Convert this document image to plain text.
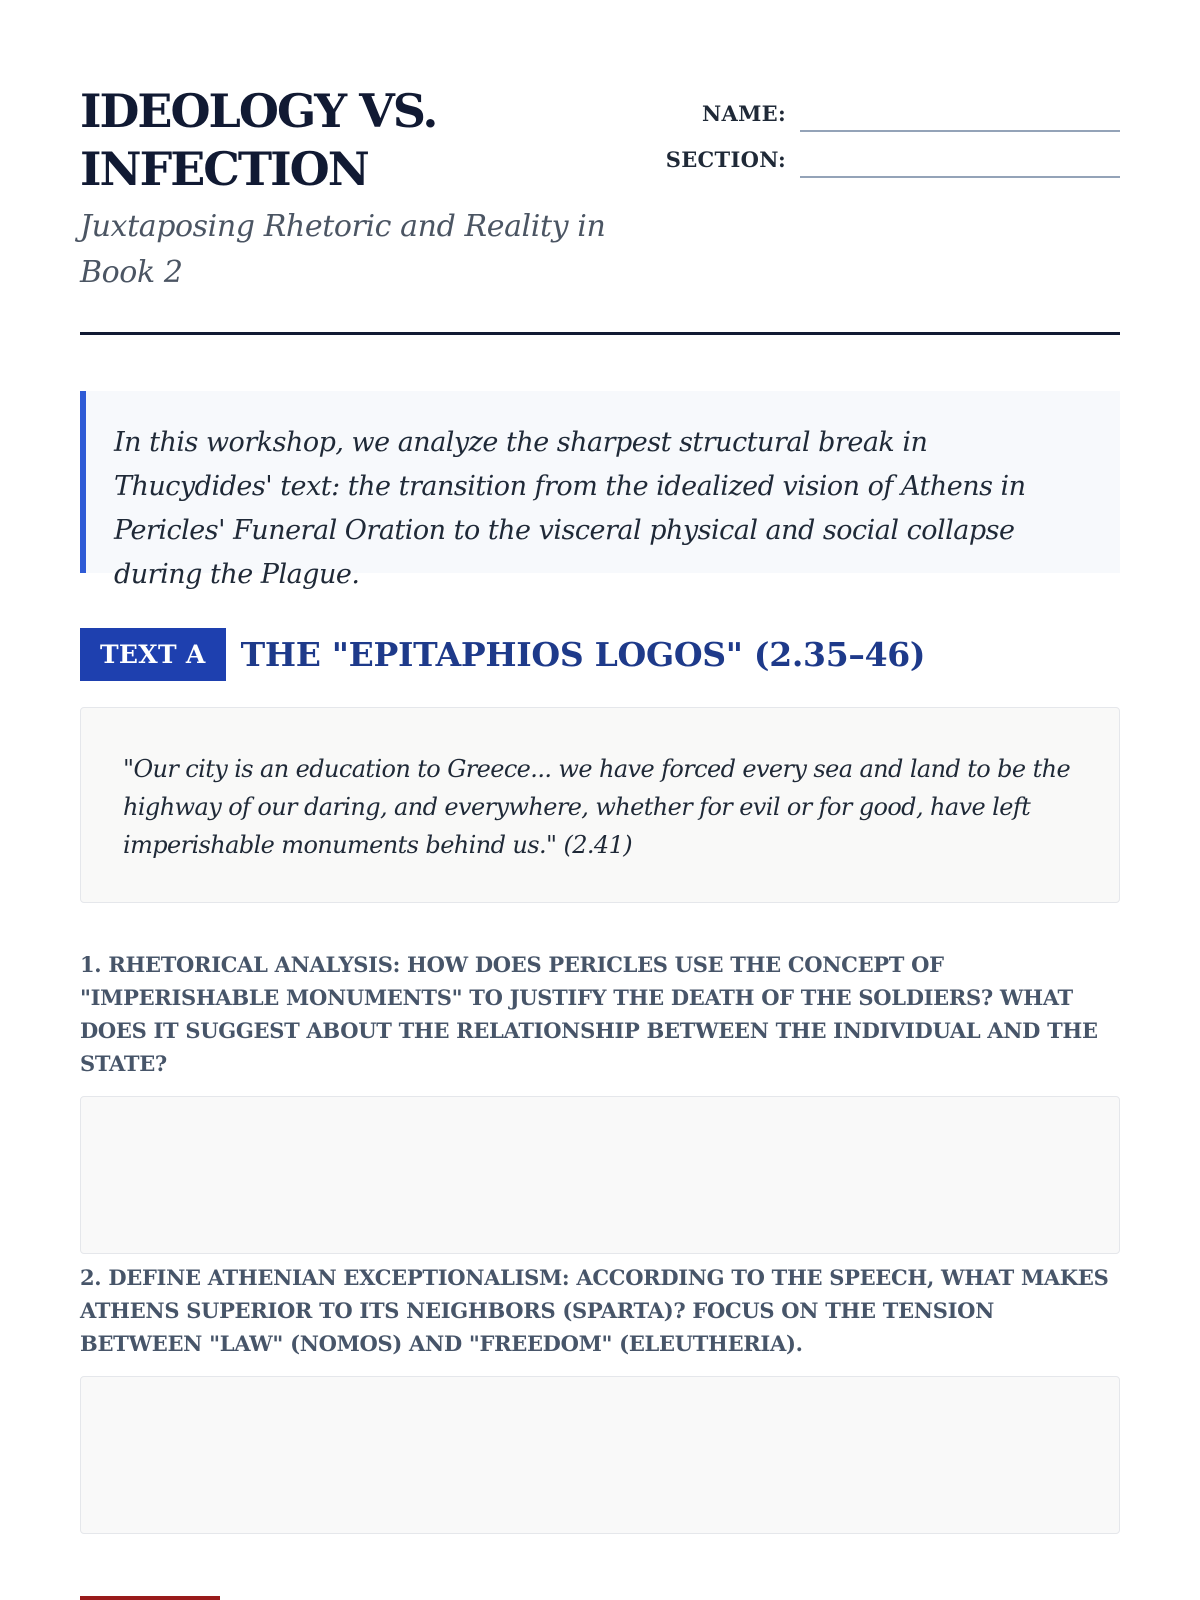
IDEOLOGY VS. INFECTION

Juxtaposing Rhetoric and Reality in Book 2

NAME:
SECTION:
In this workshop, we analyze the sharpest structural break in Thucydides' text: the transition from the idealized vision of Athens in Pericles' Funeral Oration to the visceral physical and social collapse during the Plague.
TEXT A	THE "EPITAPHIOS LOGOS" (2.35–46)
"Our city is an education to Greece... we have forced every sea and land to be the highway of our daring, and everywhere, whether for evil or for good, have left imperishable monuments behind us." (2.41)

1. RHETORICAL ANALYSIS: HOW DOES PERICLES USE THE CONCEPT OF "IMPERISHABLE MONUMENTS" TO JUSTIFY THE DEATH OF THE SOLDIERS? WHAT DOES IT SUGGEST ABOUT THE RELATIONSHIP BETWEEN THE INDIVIDUAL AND THE STATE?

2. DEFINE ATHENIAN EXCEPTIONALISM: ACCORDING TO THE SPEECH, WHAT MAKES ATHENS SUPERIOR TO ITS NEIGHBORS (SPARTA)? FOCUS ON THE TENSION BETWEEN "LAW" (NOMOS) AND "FREEDOM" (ELEUTHERIA).
